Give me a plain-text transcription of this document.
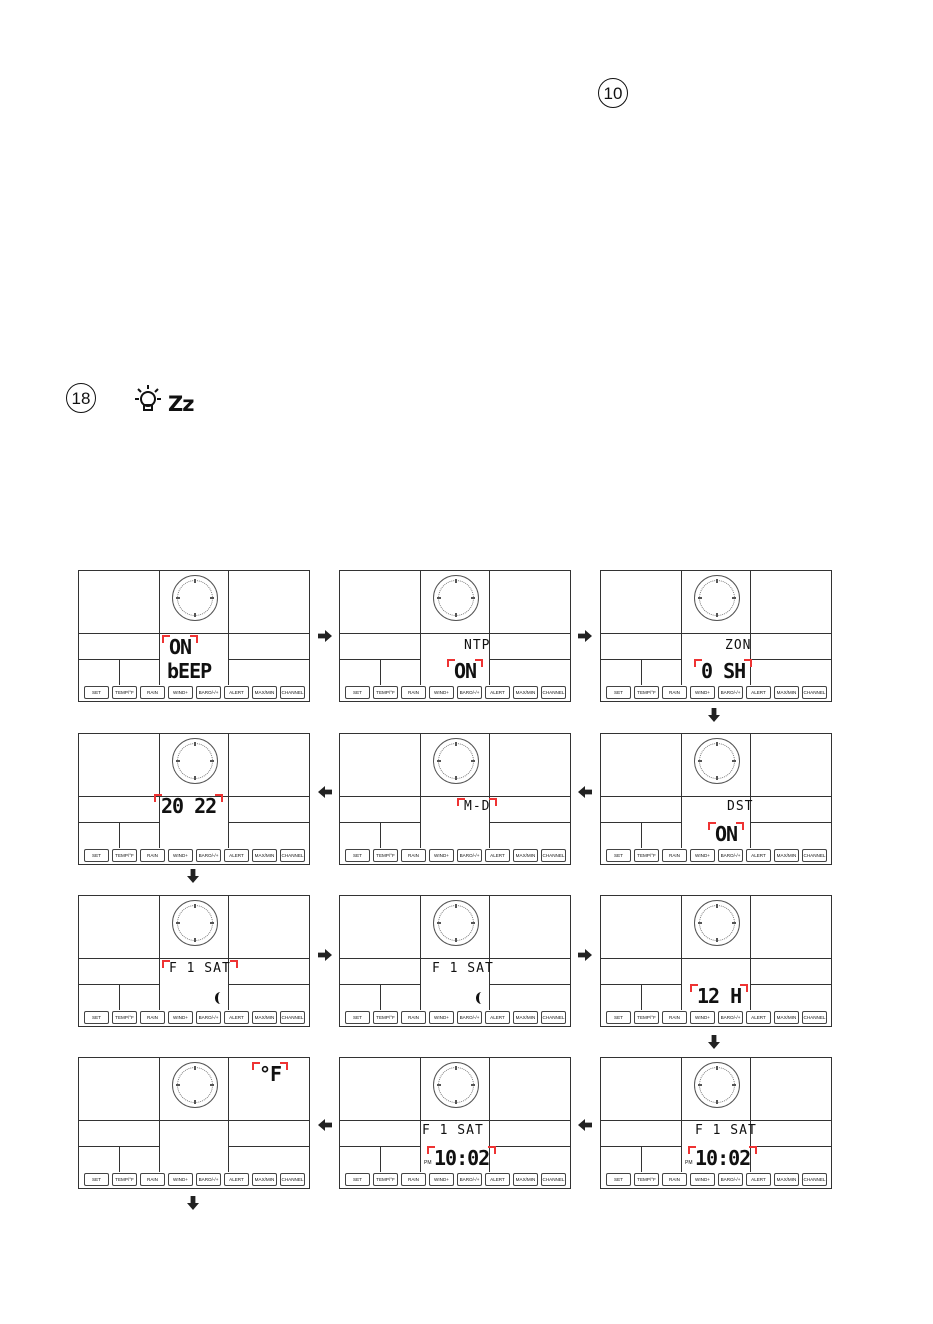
10
18	Zz
ON
bEEP
SET	TEMP/°F	RAIN	WIND+	BARO/-/+	ALERT	MAX/MIN	CHANNEL
NTP
ON
SET	TEMP/°F	RAIN	WIND+	BARO/-/+	ALERT	MAX/MIN	CHANNEL
ZON
0 SH
SET	TEMP/°F	RAIN	WIND+	BARO/-/+	ALERT	MAX/MIN	CHANNEL
20 22
SET	TEMP/°F	RAIN	WIND+	BARO/-/+	ALERT	MAX/MIN	CHANNEL
M-D
SET	TEMP/°F	RAIN	WIND+	BARO/-/+	ALERT	MAX/MIN	CHANNEL
DST
ON
SET	TEMP/°F	RAIN	WIND+	BARO/-/+	ALERT	MAX/MIN	CHANNEL
F 1 SAT
SET	TEMP/°F	RAIN	WIND+	BARO/-/+	ALERT	MAX/MIN	CHANNEL
F 1 SAT
SET	TEMP/°F	RAIN	WIND+	BARO/-/+	ALERT	MAX/MIN	CHANNEL
12 H
SET	TEMP/°F	RAIN	WIND+	BARO/-/+	ALERT	MAX/MIN	CHANNEL
°F
SET	TEMP/°F	RAIN	WIND+	BARO/-/+	ALERT	MAX/MIN	CHANNEL
F 1 SAT
PM 10:02
SET	TEMP/°F	RAIN	WIND+	BARO/-/+	ALERT	MAX/MIN	CHANNEL
F 1 SAT
PM 10:02
SET	TEMP/°F	RAIN	WIND+	BARO/-/+	ALERT	MAX/MIN	CHANNEL
